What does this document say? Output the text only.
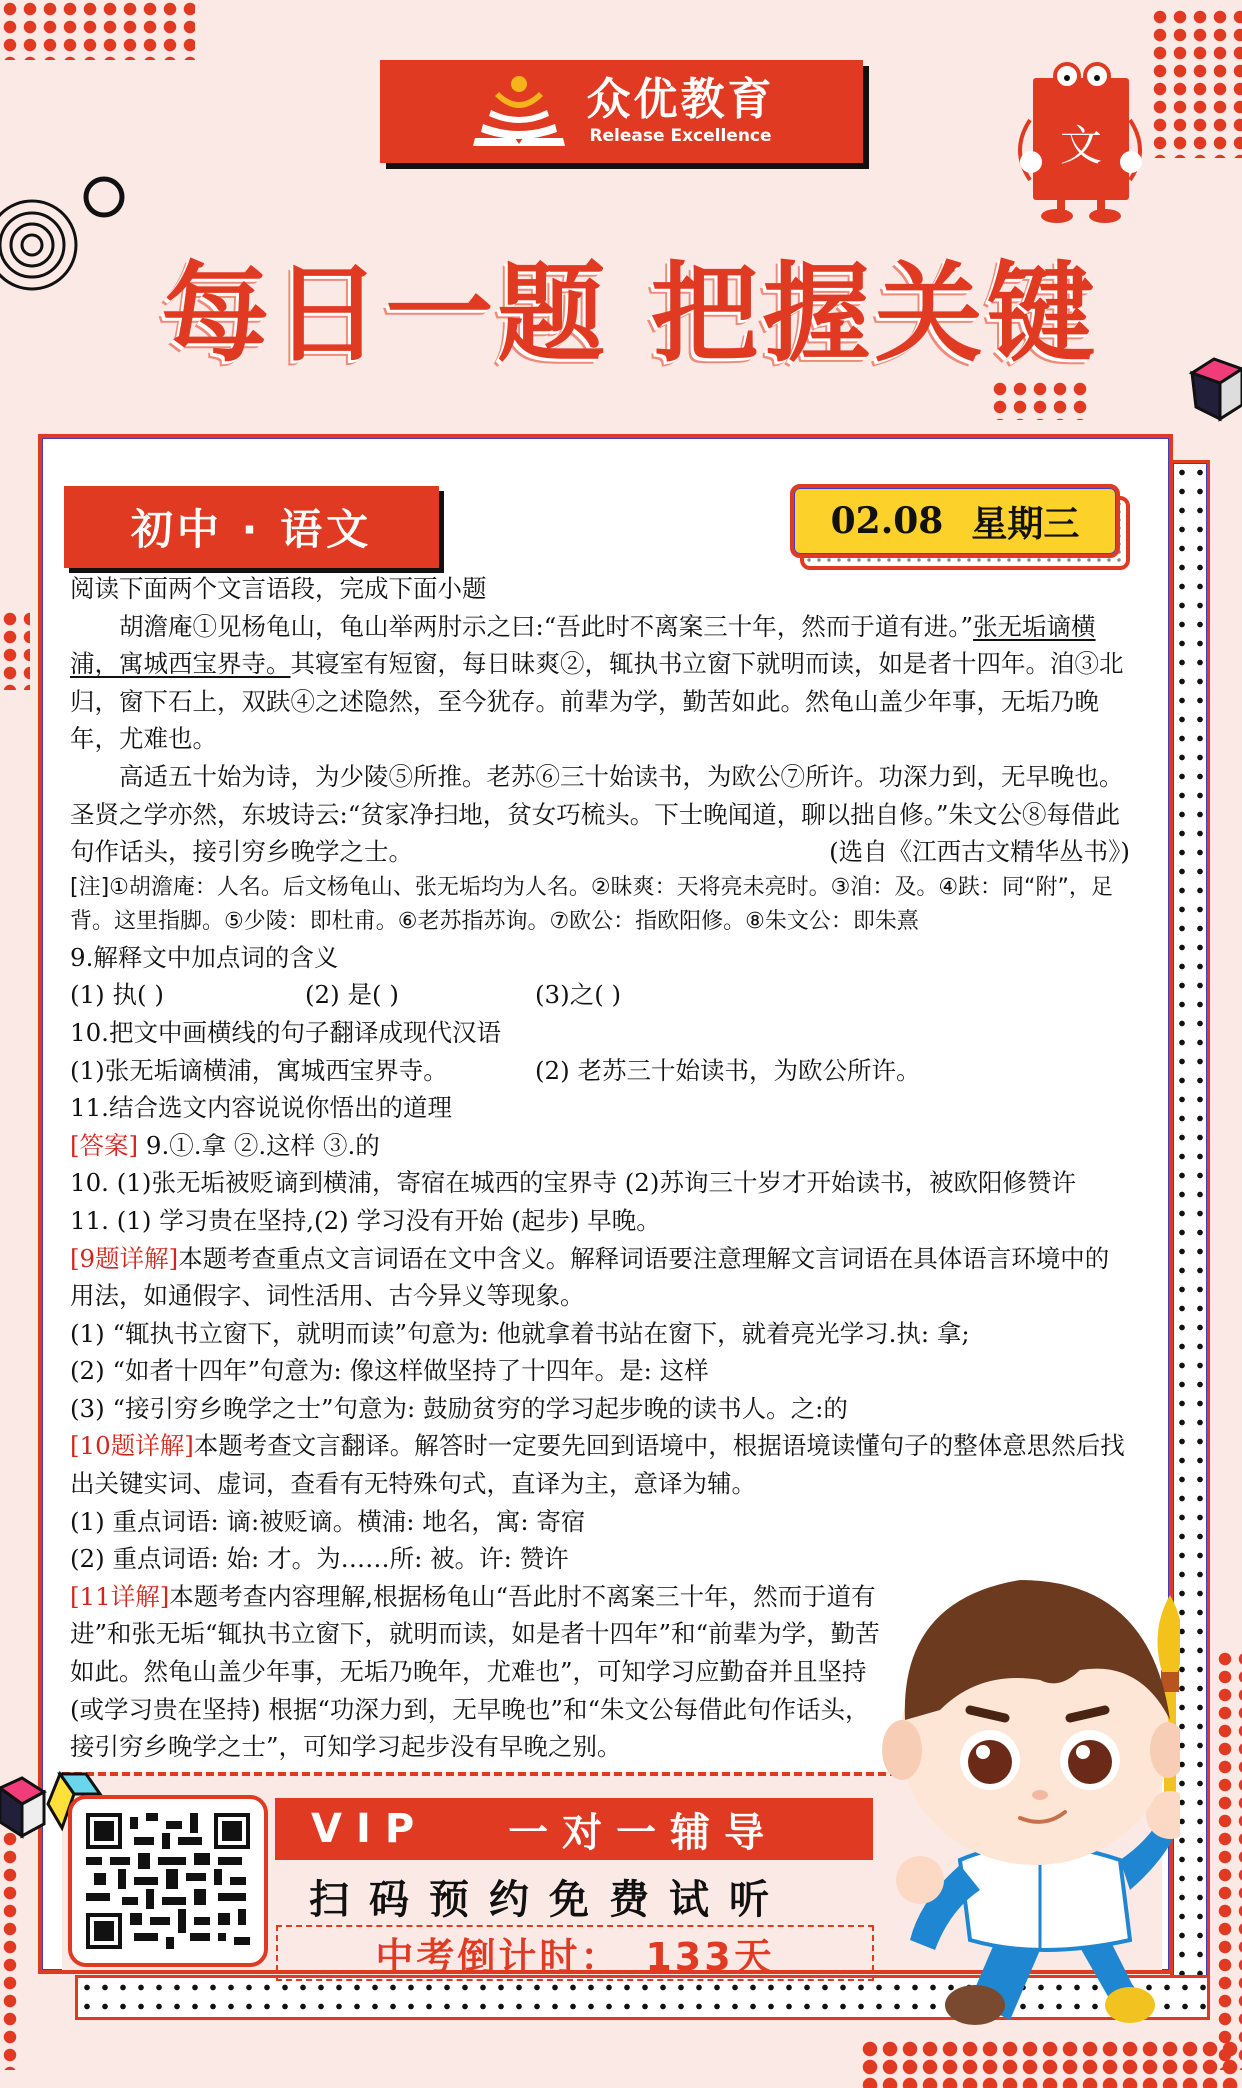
众优教育
Release Excellence	文
每日一题 把握关键
初中 · 语文	02.08 星期三

阅读下面两个文言语段，完成下面小题

胡澹庵①见杨龟山，龟山举两肘示之曰:“吾此时不离案三十年，然而于道有进。”张无垢谪横浦，寓城西宝界寺。其寝室有短窗，每日昧爽②，辄执书立窗下就明而读，如是者十四年。洎③北归，窗下石上，双趺④之述隐然，至今犹存。前辈为学，勤苦如此。然龟山盖少年事，无垢乃晚年，尤难也。

高适五十始为诗，为少陵⑤所推。老苏⑥三十始读书，为欧公⑦所许。功深力到，无早晚也。圣贤之学亦然，东坡诗云:“贫家净扫地，贫女巧梳头。下士晚闻道，聊以拙自修。”朱文公⑧每借此句作话头，接引穷乡晚学之士。	(选自《江西古文精华丛书》)

[注]①胡澹庵：人名。后文杨龟山、张无垢均为人名。②昧爽：天将亮未亮时。③洎：及。④趺：同“附”，足背。这里指脚。⑤少陵：即杜甫。⑥老苏指苏询。⑦欧公：指欧阳修。⑧朱文公：即朱熹

9.解释文中加点词的含义

(1) 执( )	(2) 是( )	(3)之( )

10.把文中画横线的句子翻译成现代汉语

(1)张无垢谪横浦，寓城西宝界寺。	(2) 老苏三十始读书，为欧公所许。

11.结合选文内容说说你悟出的道理

[答案] 9.①.拿 ②.这样 ③.的

10. (1)张无垢被贬谪到横浦，寄宿在城西的宝界寺 (2)苏询三十岁才开始读书，被欧阳修赞许

11. (1) 学习贵在坚持,(2) 学习没有开始 (起步) 早晚。

[9题详解]本题考查重点文言词语在文中含义。解释词语要注意理解文言词语在具体语言环境中的用法，如通假字、词性活用、古今异义等现象。

(1) “辄执书立窗下，就明而读”句意为: 他就拿着书站在窗下，就着亮光学习.执: 拿;

(2) “如者十四年”句意为: 像这样做坚持了十四年。是: 这样

(3) “接引穷乡晚学之士”句意为: 鼓励贫穷的学习起步晚的读书人。之:的

[10题详解]本题考查文言翻译。解答时一定要先回到语境中，根据语境读懂句子的整体意思然后找出关键实词、虚词，查看有无特殊句式，直译为主，意译为辅。

(1) 重点词语: 谪:被贬谪。横浦: 地名，寓: 寄宿

(2) 重点词语: 始: 才。为……所: 被。许: 赞许

[11详解]本题考查内容理解,根据杨龟山“吾此肘不离案三十年，然而于道有进”和张无垢“辄执书立窗下，就明而读，如是者十四年”和“前辈为学，勤苦如此。然龟山盖少年事，无垢乃晚年，尤难也”，可知学习应勤奋并且坚持 (或学习贵在坚持) 根据“功深力到，无早晚也”和“朱文公每借此句作话头，接引穷乡晚学之士”，可知学习起步没有早晚之别。

VIP 一对一辅导
扫码预约免费试听
中考倒计时： 133天
